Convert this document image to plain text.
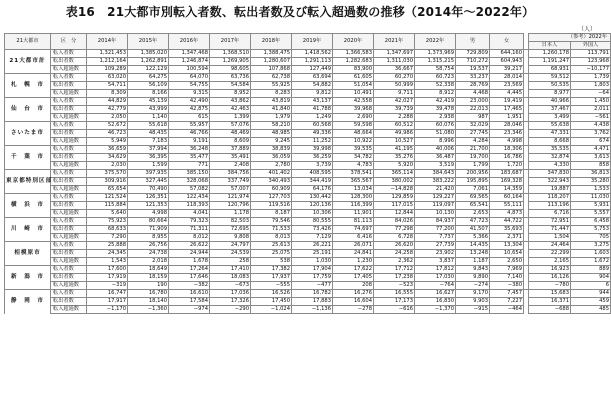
表16　21大都市別転入者数、転出者数及び転入超過数の推移（2014年～2022年）
（人）
21大都市	区　分	2014年	2015年	2016年	2017年	2018年	2019年	2020年	2021年	2022年	男	女		（参考）2022年	
														日本人	外国人
21大都市計	転入者数	1,321,453	1,385,020	1,347,468	1,368,510	1,388,475	1,418,562	1,366,583	1,347,697	1,373,969	729,809	644,160		1,260,178	113,791
	転出者数	1,212,164	1,262,891	1,246,874	1,269,905	1,280,607	1,291,113	1,282,683	1,311,030	1,315,215	710,272	604,943		1,191,247	123,968
	転入超過数	109,289	122,129	100,594	98,605	107,868	127,449	83,900	36,667	58,754	19,537	39,217		68,931	−10,177
札　幌　市	転入者数	63,020	64,275	64,070	63,736	62,738	63,694	61,605	60,270	60,723	33,237	28,014		59,512	1,739
	転出者数	54,711	56,109	54,755	54,584	55,925	54,882	51,054	50,999	52,338	28,769	23,569		50,535	1,803
	転入超過数	8,309	8,166	9,315	8,952	8,283	9,812	10,491	9,711	8,912	4,468	4,445		8,977	−64
仙　台　市	転入者数	44,829	45,139	42,490	43,862	43,819	43,137	42,558	42,027	42,419	23,000	19,419		40,966	1,450
	転出者数	42,779	43,999	42,875	42,463	41,840	41,788	39,968	39,739	39,478	22,013	17,465		37,467	2,011
	転入超過数	2,050	1,140	615	1,399	1,979	1,249	2,690	2,288	2,938	987	1,951		3,499	−561
さいたま市	転入者数	52,672	55,618	55,957	57,076	58,210	60,568	59,598	60,512	60,076	32,029	28,046		55,638	4,438
	転出者数	46,723	48,435	46,766	48,469	48,985	49,336	48,664	49,986	51,080	27,745	23,346		47,331	3,762
	転入超過数	5,949	7,183	9,191	8,609	9,245	11,252	10,922	10,527	8,996	4,284	4,998		8,668	674
千　葉　市	転入者数	36,659	37,994	36,248	37,889	38,839	39,998	39,535	41,195	40,006	21,700	18,306		35,535	4,471
	転出者数	34,629	36,395	35,477	35,491	36,059	36,259	34,782	35,276	36,487	19,700	16,786		32,874	3,613
	転入超過数	2,030	1,599	771	2,408	2,780	3,739	4,783	5,920	3,519	1,799	1,720		4,330	858
東京都特別区部	転入者数	375,570	397,935	385,150	384,756	401,402	408,595	378,541	365,114	384,643	200,956	183,687		347,830	36,813
	転出者数	309,916	327,445	328,068	337,749	340,493	344,419	365,567	380,002	383,222	195,895	169,328		322,943	35,280
	転入超過数	65,654	70,490	57,082	57,007	60,909	64,176	13,034	−14,828	21,420	7,061	14,359		19,887	1,533
横　浜　市	転入者数	121,524	126,351	122,434	121,974	127,703	130,442	128,300	129,859	129,227	69,565	60,164		118,207	11,030
	転出者数	115,884	121,353	118,393	120,796	119,516	120,136	116,399	117,015	119,097	65,541	55,111		113,196	5,931
	転入超過数	5,640	4,998	4,041	1,178	8,187	10,306	11,901	12,844	10,130	2,653	4,873		6,716	5,557
川　崎　市	転入者数	75,923	80,664	79,323	82,503	79,546	80,555	81,113	84,026	84,937	47,723	44,722		72,951	6,458
	転出者数	68,633	71,909	71,311	72,695	71,533	73,426	74,697	77,298	77,200	41,507	35,693		71,447	5,753
	転入超過数	7,290	8,955	8,012	9,808	8,013	7,129	6,416	6,728	7,737	5,366	2,371		1,504	705
相模原市	転入者数	25,888	26,756	26,622	24,797	25,613	26,221	26,071	26,620	27,739	14,435	13,304		24,464	3,275
	転出者数	24,345	24,738	24,944	24,539	25,075	25,191	24,841	24,258	23,902	13,248	10,654		22,299	1,603
	転入超過数	1,543	2,018	1,678	258	538	1,030	1,230	2,362	3,837	1,187	2,650		2,165	1,672
新　潟　市	転入者数	17,600	18,649	17,264	17,410	17,382	17,904	17,622	17,712	17,812	9,843	7,969		16,923	889
	転出者数	17,919	18,159	17,646	18,083	17,937	17,759	17,405	17,238	17,030	9,890	7,140		16,126	904
	転入超過数	−319	190	−382	−673	−555	−477	208	−523	−764	−274	−380		−780	6
静　岡　市	転入者数	16,747	16,780	16,610	17,036	16,526	16,782	16,276	16,555	16,627	9,170	7,457		15,683	944
	転出者数	17,917	18,140	17,584	17,326	17,450	17,883	16,604	17,173	16,830	9,903	7,227		16,371	459
	転入超過数	−1,170	−1,360	−974	−290	−1,024	−1,136	−278	−616	−1,370	−915	−464		−688	485
